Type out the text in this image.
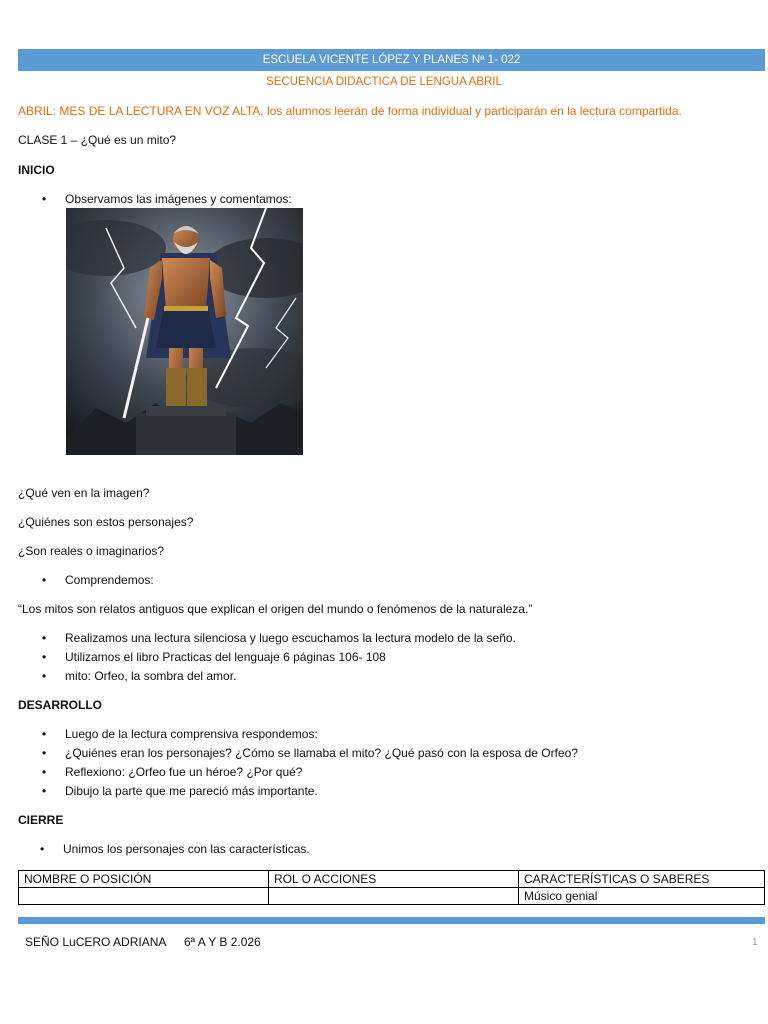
ESCUELA VICENTE LÓPEZ Y PLANES Nª 1- 022
SECUENCIA DIDACTICA DE LENGUA ABRIL
ABRIL: MES DE LA LECTURA EN VOZ ALTA, los alumnos leerán de forma individual y participarán en la lectura compartida.
CLASE 1 – ¿Qué es un mito?
INICIO
• Observamos las imágenes y comentamos:
¿Qué ven en la imagen?
¿Quiénes son estos personajes?
¿Son reales o imaginarios?
• Comprendemos:
“Los mitos son relatos antiguos que explican el origen del mundo o fenómenos de la naturaleza.”
• Realizamos una lectura silenciosa y luego escuchamos la lectura modelo de la seño.
• Utilizamos el libro Practicas del lenguaje 6 páginas 106- 108
• mito: Orfeo, la sombra del amor.
DESARROLLO
• Luego de la lectura comprensiva respondemos:
• ¿Quiénes eran los personajes? ¿Cómo se llamaba el mito? ¿Qué pasó con la esposa de Orfeo?
• Reflexiono: ¿Orfeo fue un héroe? ¿Por qué?
• Dibujo la parte que me pareció más importante.
CIERRE
• Unimos los personajes con las características.
NOMBRE O POSICIÓN	ROL O ACCIONES	CARACTERÍSTICAS O SABERES
		Músico genial
SEÑO LuCERO ADRIANA 6ª A Y B 2.026	1
